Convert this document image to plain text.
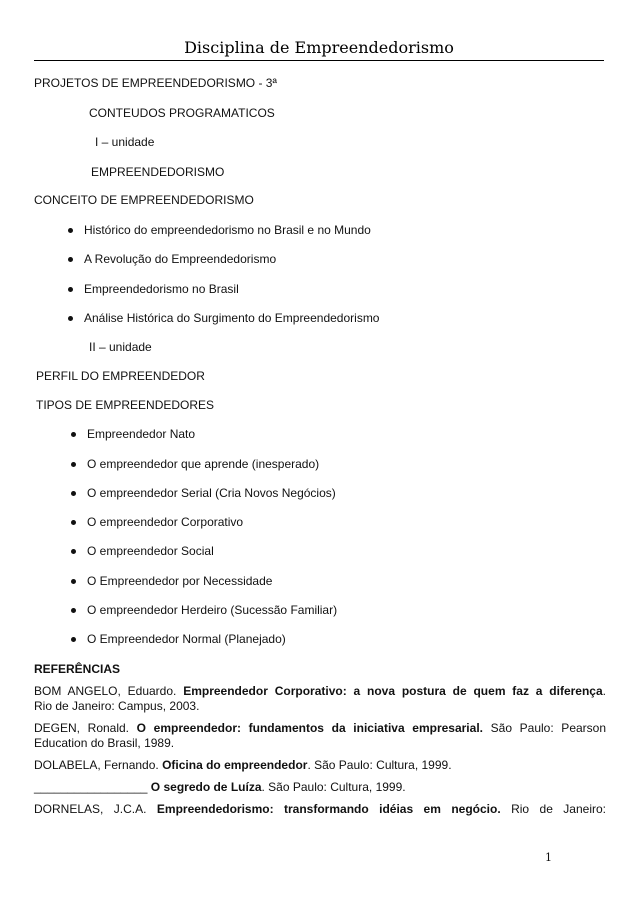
Disciplina de Empreendedorismo
PROJETOS DE EMPREENDEDORISMO - 3ª
CONTEUDOS PROGRAMATICOS
I – unidade
EMPREENDEDORISMO
CONCEITO DE EMPREENDEDORISMO
Histórico do empreendedorismo no Brasil e no Mundo
A Revolução do Empreendedorismo
Empreendedorismo no Brasil
Análise Histórica do Surgimento do Empreendedorismo
II – unidade
PERFIL DO EMPREENDEDOR
TIPOS DE EMPREENDEDORES
Empreendedor Nato
O empreendedor que aprende (inesperado)
O empreendedor Serial (Cria Novos Negócios)
O empreendedor Corporativo
O empreendedor Social
O Empreendedor por Necessidade
O empreendedor Herdeiro (Sucessão Familiar)
O Empreendedor Normal (Planejado)
REFERÊNCIAS
BOM ANGELO, Eduardo. Empreendedor Corporativo: a nova postura de quem faz a diferença.
Rio de Janeiro: Campus, 2003.
DEGEN, Ronald. O empreendedor: fundamentos da iniciativa empresarial. São Paulo: Pearson
Education do Brasil, 1989.
DOLABELA, Fernando. Oficina do empreendedor. São Paulo: Cultura, 1999.
_________________ O segredo de Luíza. São Paulo: Cultura, 1999.
DORNELAS, J.C.A. Empreendedorismo: transformando idéias em negócio. Rio de Janeiro:
1
